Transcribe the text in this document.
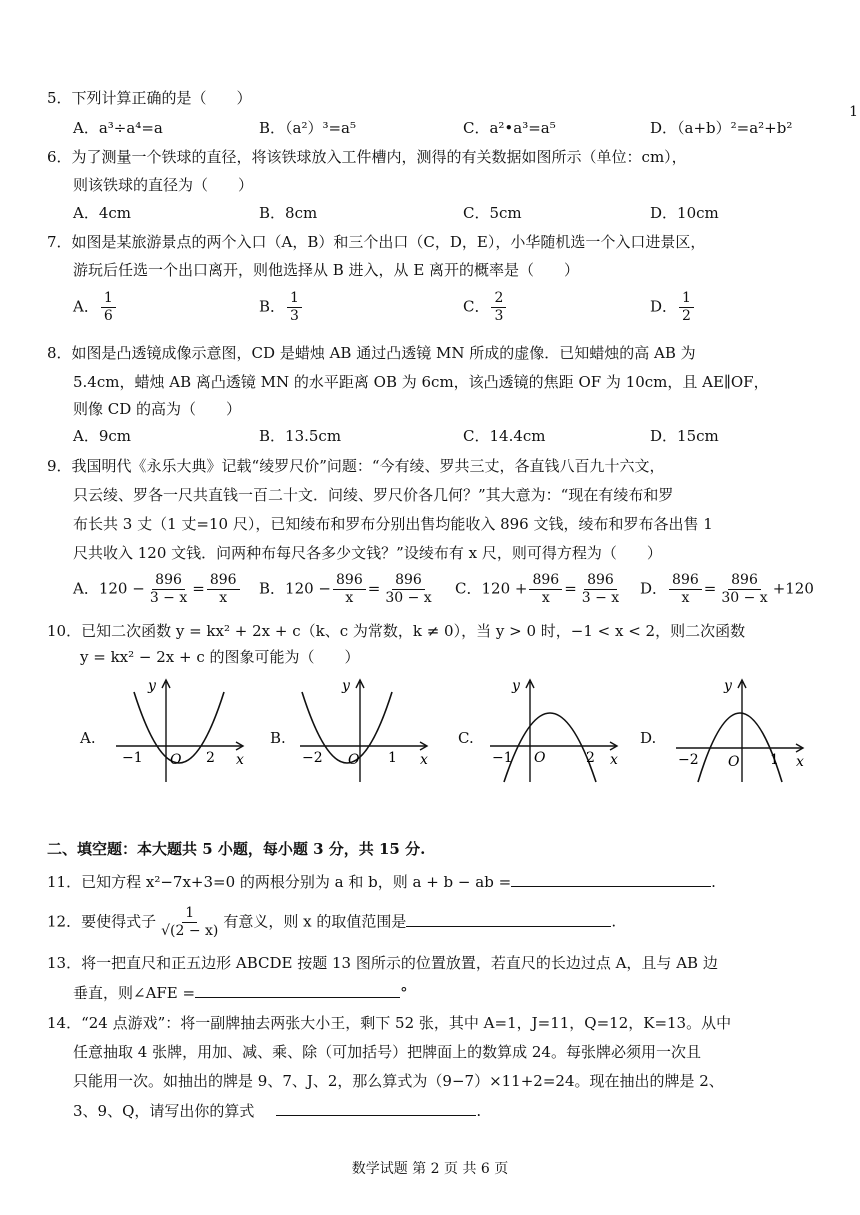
1
5．下列计算正确的是（　　）
A．a³÷a⁴=a	B．（a²）³=a⁵	C．a²•a³=a⁵	D．（a+b）²=a²+b²
6．为了测量一个铁球的直径，将该铁球放入工件槽内，测得的有关数据如图所示（单位：cm），
则该铁球的直径为（　　）
A．4cm	B．8cm	C．5cm	D．10cm
7．如图是某旅游景点的两个入口（A，B）和三个出口（C，D，E），小华随机选一个入口进景区，
游玩后任选一个出口离开，则他选择从 B 进入，从 E 离开的概率是（　　）
A． $\frac{1}{6}$	B． $\frac{1}{3}$	C． $\frac{2}{3}$	D． $\frac{1}{2}$
8．如图是凸透镜成像示意图，CD 是蜡烛 AB 通过凸透镜 MN 所成的虚像．已知蜡烛的高 AB 为
5.4cm，蜡烛 AB 离凸透镜 MN 的水平距离 OB 为 6cm，该凸透镜的焦距 OF 为 10cm，且 AE∥OF，
则像 CD 的高为（　　）
A．9cm	B．13.5cm	C．14.4cm	D．15cm
9．我国明代《永乐大典》记载“绫罗尺价”问题：“今有绫、罗共三丈，各直钱八百九十六文，
只云绫、罗各一尺共直钱一百二十文．问绫、罗尺价各几何？”其大意为：“现在有绫布和罗
布长共 3 丈（1 丈=10 尺），已知绫布和罗布分别出售均能收入 896 文钱，绫布和罗布各出售 1
尺共收入 120 文钱．问两种布每尺各多少文钱？”设绫布有 x 尺，则可得方程为（　　）
A．$120 - \frac{896}{3 - x} = \frac{896}{x}$ B．$120 - \frac{896}{x} = \frac{896}{30 - x}$ C．$120 + \frac{896}{x} = \frac{896}{3 - x}$ D． $\frac{896}{x} = \frac{896}{30 - x} +120$
10．已知二次函数 y = kx² + 2x + c（k、c 为常数，k ≠ 0），当 y > 0 时，−1 < x < 2，则二次函数
y = kx² − 2x + c 的图象可能为（　　）
A.
y
x
O
−1	2
B.
y
x
O
−2	1
C.
y
x
O
−1	2
D.
y
x
O
−2	1
二、填空题：本大题共 5 小题，每小题 3 分，共 15 分.
11．已知方程 x²−7x+3=0 的两根分别为 a 和 b，则 a + b − ab =	.
12．要使得式子 $\frac{1}{√(2 - x)}$ 有意义，则 x 的取值范围是	.
13．将一把直尺和正五边形 ABCDE 按题 13 图所示的位置放置，若直尺的长边过点 A，且与 AB 边
垂直，则∠AFE =	°
14．“24 点游戏”：将一副牌抽去两张大小王，剩下 52 张，其中 A=1，J=11，Q=12，K=13。从中
任意抽取 4 张牌，用加、减、乘、除（可加括号）把牌面上的数算成 24。每张牌必须用一次且
只能用一次。如抽出的牌是 9、7、J、2，那么算式为（9−7）×11+2=24。现在抽出的牌是 2、
3、9、Q，请写出你的算式	.
数学试题 第 2 页 共 6 页
